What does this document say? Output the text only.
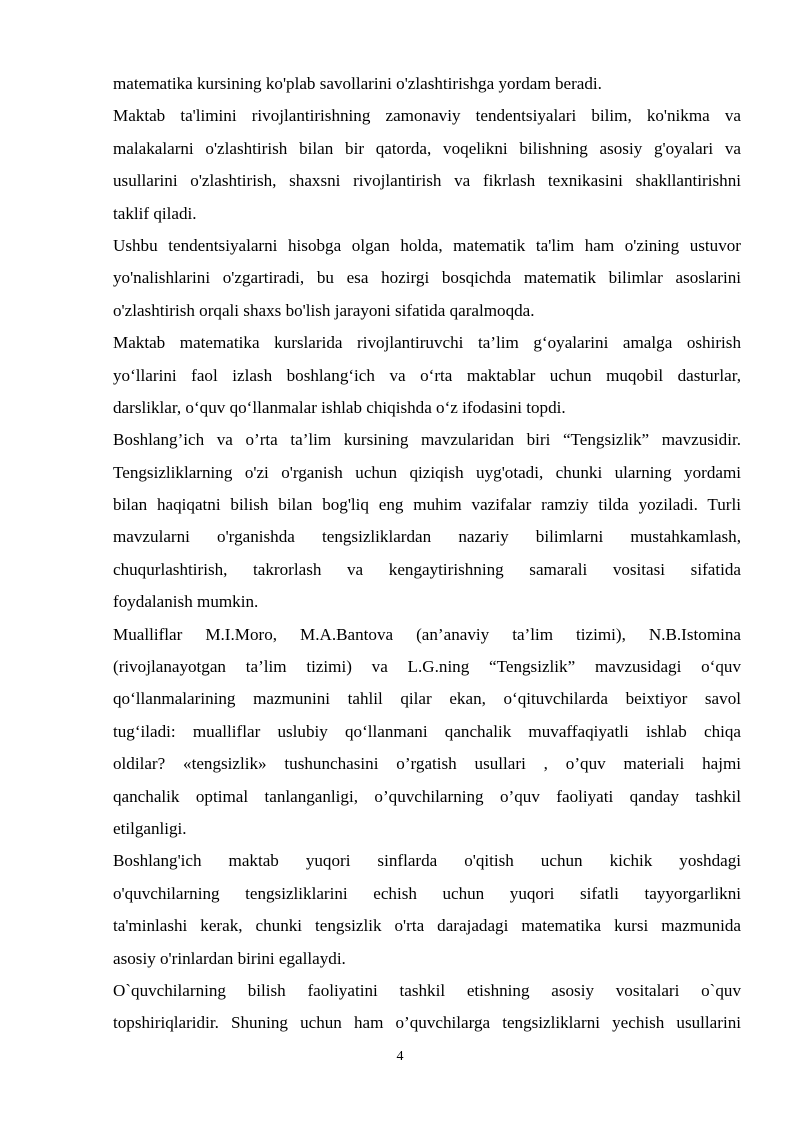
matematika kursining ko'plab savollarini o'zlashtirishga yordam beradi.
Maktab ta'limini rivojlantirishning zamonaviy tendentsiyalari bilim, ko'nikma va
malakalarni o'zlashtirish bilan bir qatorda, voqelikni bilishning asosiy g'oyalari va
usullarini o'zlashtirish, shaxsni rivojlantirish va fikrlash texnikasini shakllantirishni
taklif qiladi.
Ushbu tendentsiyalarni hisobga olgan holda, matematik ta'lim ham o'zining ustuvor
yo'nalishlarini o'zgartiradi, bu esa hozirgi bosqichda matematik bilimlar asoslarini
o'zlashtirish orqali shaxs bo'lish jarayoni sifatida qaralmoqda.
Maktab matematika kurslarida rivojlantiruvchi ta’lim g‘oyalarini amalga oshirish
yo‘llarini faol izlash boshlang‘ich va o‘rta maktablar uchun muqobil dasturlar,
darsliklar, o‘quv qo‘llanmalar ishlab chiqishda o‘z ifodasini topdi.
Boshlang’ich va o’rta ta’lim kursining mavzularidan biri “Tengsizlik” mavzusidir.
Tengsizliklarning o'zi o'rganish uchun qiziqish uyg'otadi, chunki ularning yordami
bilan haqiqatni bilish bilan bog'liq eng muhim vazifalar ramziy tilda yoziladi. Turli
mavzularni o'rganishda tengsizliklardan nazariy bilimlarni mustahkamlash,
chuqurlashtirish, takrorlash va kengaytirishning samarali vositasi sifatida
foydalanish mumkin.
Mualliflar M.I.Moro, M.A.Bantova (an’anaviy ta’lim tizimi), N.B.Istomina
(rivojlanayotgan ta’lim tizimi) va L.G.ning “Tengsizlik” mavzusidagi o‘quv
qo‘llanmalarining mazmunini tahlil qilar ekan, o‘qituvchilarda beixtiyor savol
tug‘iladi: mualliflar uslubiy qo‘llanmani qanchalik muvaffaqiyatli ishlab chiqa
oldilar? «tengsizlik» tushunchasini o’rgatish usullari , o’quv materiali hajmi
qanchalik optimal tanlanganligi, o’quvchilarning o’quv faoliyati qanday tashkil
etilganligi.
Boshlang'ich maktab yuqori sinflarda o'qitish uchun kichik yoshdagi
o'quvchilarning tengsizliklarini echish uchun yuqori sifatli tayyorgarlikni
ta'minlashi kerak, chunki tengsizlik o'rta darajadagi matematika kursi mazmunida
asosiy o'rinlardan birini egallaydi.
O`quvchilarning bilish faoliyatini tashkil etishning asosiy vositalari o`quv
topshiriqlaridir. Shuning uchun ham o’quvchilarga tengsizliklarni yechish usullarini
4
